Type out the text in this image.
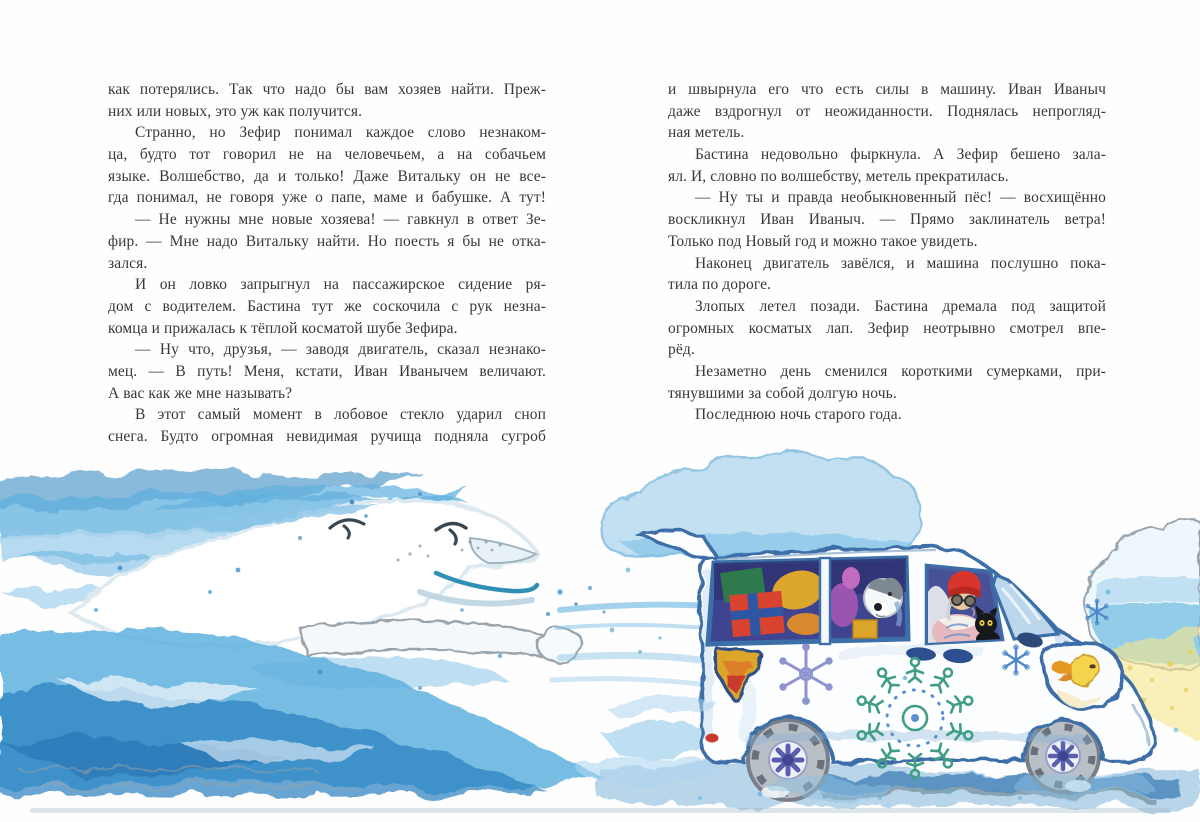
как потерялись. Так что надо бы вам хозяев найти. Преж-
них или новых, это уж как получится.
Странно, но Зефир понимал каждое слово незнаком-
ца, будто тот говорил не на человечьем, а на собачьем
языке. Волшебство, да и только! Даже Витальку он не все-
гда понимал, не говоря уже о папе, маме и бабушке. А тут!
— Не нужны мне новые хозяева! — гавкнул в ответ Зе-
фир. — Мне надо Витальку найти. Но поесть я бы не отка-
зался.
И он ловко запрыгнул на пассажирское сидение ря-
дом с водителем. Бастина тут же соскочила с рук незна-
комца и прижалась к тёплой косматой шубе Зефира.
— Ну что, друзья, — заводя двигатель, сказал незнако-
мец. — В путь! Меня, кстати, Иван Иванычем величают.
А вас как же мне называть?
В этот самый момент в лобовое стекло ударил сноп
снега. Будто огромная невидимая ручища подняла сугроб
и швырнула его что есть силы в машину. Иван Иваныч
даже вздрогнул от неожиданности. Поднялась непрогляд-
ная метель.
Бастина недовольно фыркнула. А Зефир бешено зала-
ял. И, словно по волшебству, метель прекратилась.
— Ну ты и правда необыкновенный пёс! — восхищённо
воскликнул Иван Иваныч. — Прямо заклинатель ветра!
Только под Новый год и можно такое увидеть.
Наконец двигатель завёлся, и машина послушно пока-
тила по дороге.
Злопых летел позади. Бастина дремала под защитой
огромных косматых лап. Зефир неотрывно смотрел впе-
рёд.
Незаметно день сменился короткими сумерками, при-
тянувшими за собой долгую ночь.
Последнюю ночь старого года.
